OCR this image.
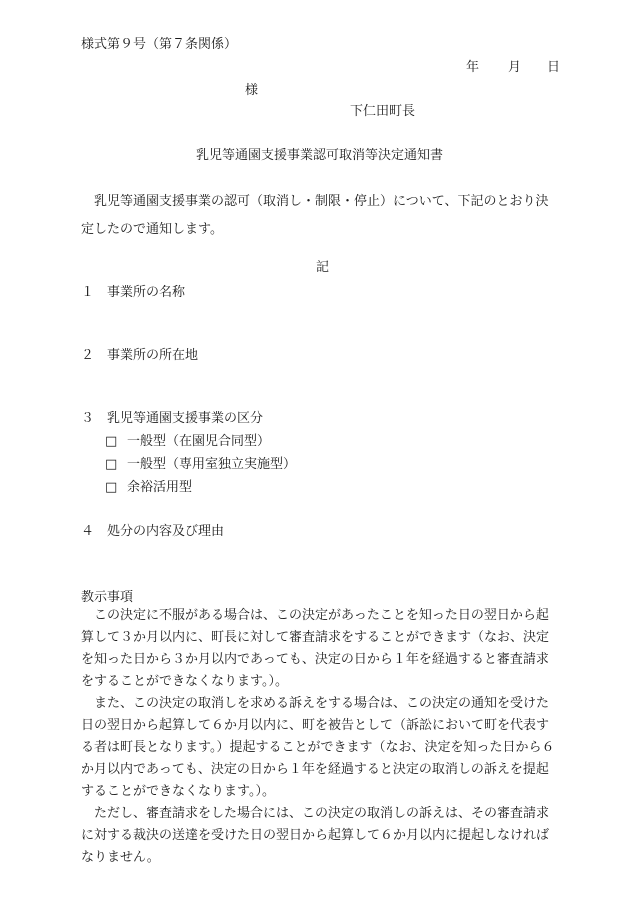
様式第９号（第７条関係）
年 月 日
様
下仁田町長
乳児等通園支援事業認可取消等決定通知書
乳児等通園支援事業の認可（取消し・制限・停止）について、下記のとおり決
定したので通知します。
記
１ 事業所の名称
２ 事業所の所在地
３ 乳児等通園支援事業の区分
□ 一般型（在園児合同型）
□ 一般型（専用室独立実施型）
□ 余裕活用型
４ 処分の内容及び理由
教示事項
この決定に不服がある場合は、この決定があったことを知った日の翌日から起
算して３か月以内に、町長に対して審査請求をすることができます（なお、決定
を知った日から３か月以内であっても、決定の日から１年を経過すると審査請求
をすることができなくなります。）。
また、この決定の取消しを求める訴えをする場合は、この決定の通知を受けた
日の翌日から起算して６か月以内に、町を被告として（訴訟において町を代表す
る者は町長となります。）提起することができます（なお、決定を知った日から６
か月以内であっても、決定の日から１年を経過すると決定の取消しの訴えを提起
することができなくなります。）。
ただし、審査請求をした場合には、この決定の取消しの訴えは、その審査請求
に対する裁決の送達を受けた日の翌日から起算して６か月以内に提起しなければ
なりません。
